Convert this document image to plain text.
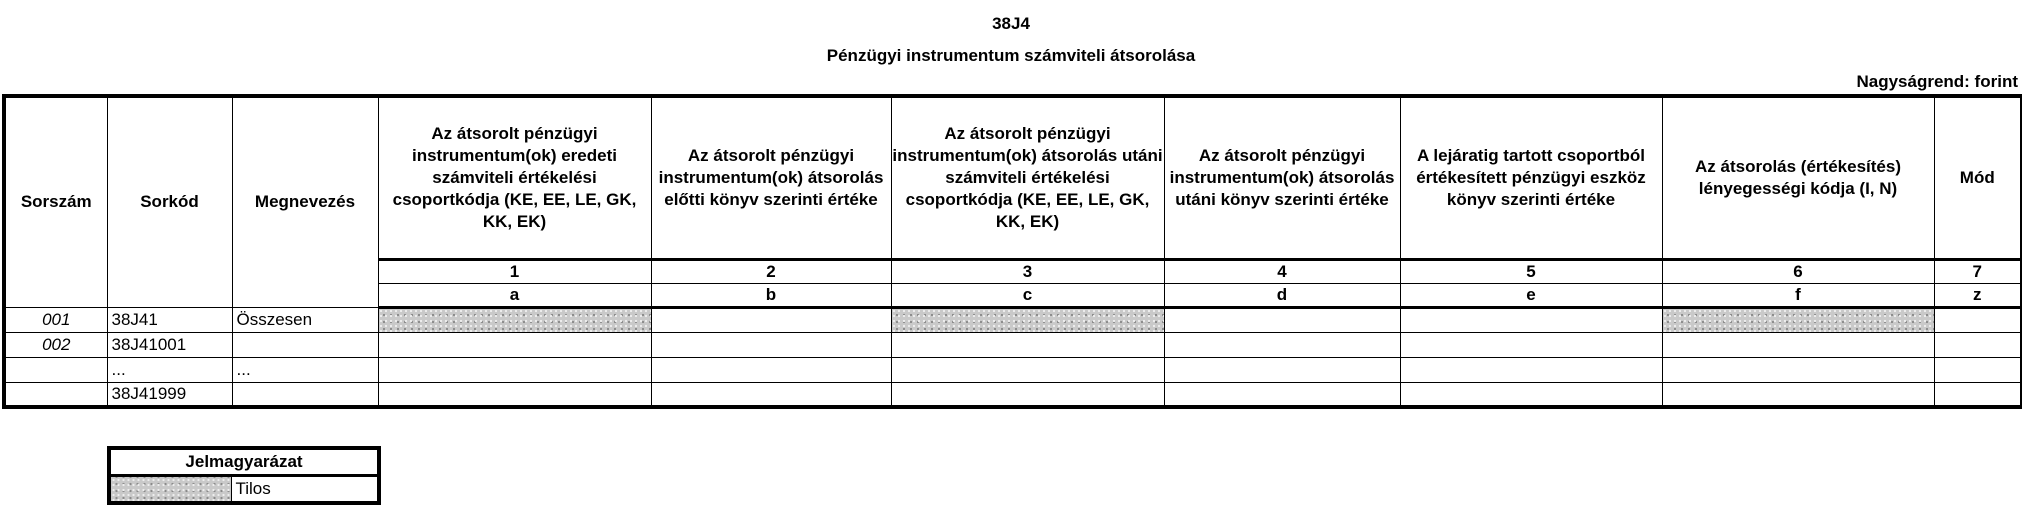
38J4
Pénzügyi instrumentum számviteli átsorolása
Nagyságrend: forint
Sorszám	Sorkód	Megnevezés	Az átsorolt pénzügyi instrumentum(ok) eredeti számviteli értékelési csoportkódja (KE, EE, LE, GK, KK, EK)	Az átsorolt pénzügyi instrumentum(ok) átsorolás előtti könyv szerinti értéke	Az átsorolt pénzügyi instrumentum(ok) átsorolás utáni számviteli értékelési csoportkódja (KE, EE, LE, GK, KK, EK)	Az átsorolt pénzügyi instrumentum(ok) átsorolás utáni könyv szerinti értéke	A lejáratig tartott csoportból értékesített pénzügyi eszköz könyv szerinti értéke	Az átsorolás (értékesítés) lényegességi kódja (I, N)	Mód
			1	2	3	4	5	6	7
			a	b	c	d	e	f	z
001	38J41	Összesen							
002	38J41001								
	...	...							
	38J41999								
Jelmagyarázat
	Tilos
